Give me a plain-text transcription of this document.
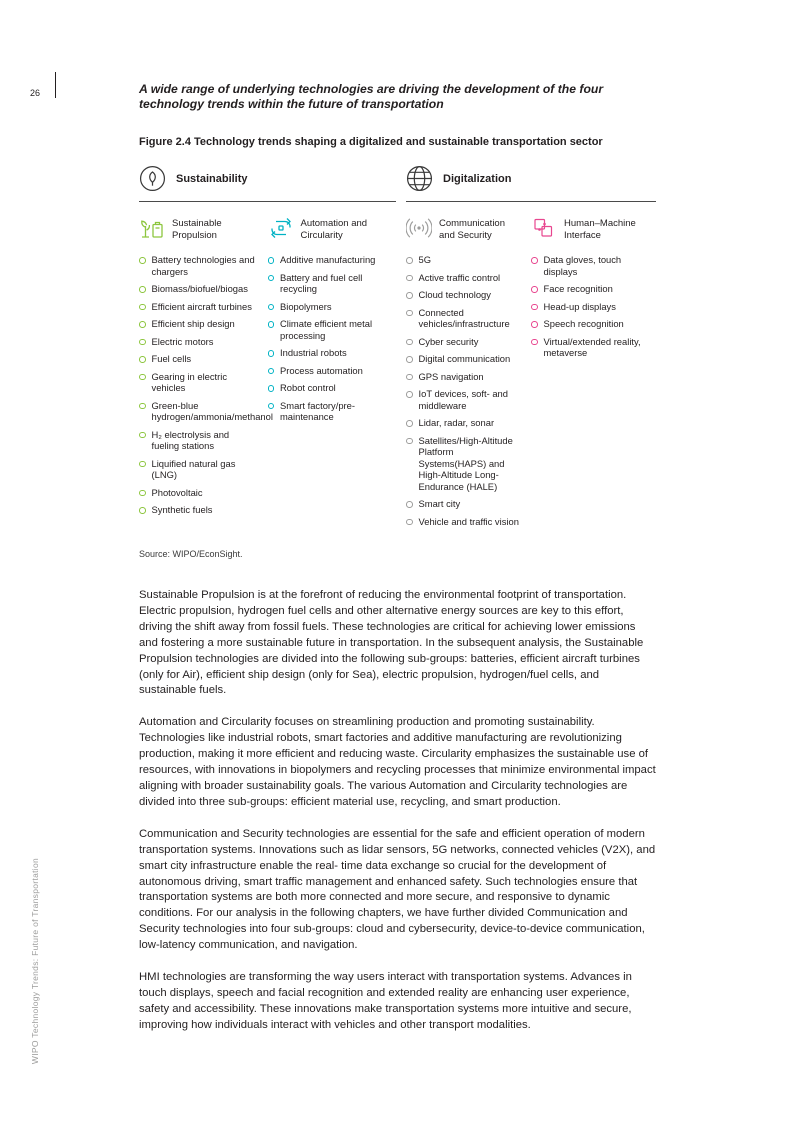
26
WIPO Technology Trends: Future of Transportation
A wide range of underlying technologies are driving the development of the four technology trends within the future of transportation
Figure 2.4 Technology trends shaping a digitalized and sustainable transportation sector
Sustainability
Sustainable Propulsion
Battery technologies and chargers
Biomass/biofuel/biogas
Efficient aircraft turbines
Efficient ship design
Electric motors
Fuel cells
Gearing in electric vehicles
Green-blue hydrogen/ammonia/methanol
H₂ electrolysis and fueling stations
Liquified natural gas (LNG)
Photovoltaic
Synthetic fuels
Automation and Circularity
Additive manufacturing
Battery and fuel cell recycling
Biopolymers
Climate efficient metal processing
Industrial robots
Process automation
Robot control
Smart factory/pre-maintenance
Digitalization
Communication and Security
5G
Active traffic control
Cloud technology
Connected vehicles/infrastructure
Cyber security
Digital communication
GPS navigation
IoT devices, soft- and middleware
Lidar, radar, sonar
Satellites/High-Altitude Platform Systems(HAPS) and High-Altitude Long-Endurance (HALE)
Smart city
Vehicle and traffic vision
Human–Machine Interface
Data gloves, touch displays
Face recognition
Head-up displays
Speech recognition
Virtual/extended reality, metaverse
Source: WIPO/EconSight.

Sustainable Propulsion is at the forefront of reducing the environmental footprint of transportation. Electric propulsion, hydrogen fuel cells and other alternative energy sources are key to this effort, driving the shift away from fossil fuels. These technologies are critical for achieving lower emissions and fostering a more sustainable future in transportation. In the subsequent analysis, the Sustainable Propulsion technologies are divided into the following sub-groups: batteries, efficient aircraft turbines (only for Air), efficient ship design (only for Sea), electric propulsion, hydrogen/fuel cells, and sustainable fuels.

Automation and Circularity focuses on streamlining production and promoting sustainability. Technologies like industrial robots, smart factories and additive manufacturing are revolutionizing production, making it more efficient and reducing waste. Circularity emphasizes the sustainable use of resources, with innovations in biopolymers and recycling processes that minimize environmental impact aligning with broader sustainability goals. The various Automation and Circularity technologies are divided into three sub-groups: efficient material use, recycling, and smart production.

Communication and Security technologies are essential for the safe and efficient operation of modern transportation systems. Innovations such as lidar sensors, 5G networks, connected vehicles (V2X), and smart city infrastructure enable the real- time data exchange so crucial for the development of autonomous driving, smart traffic management and enhanced safety. Such technologies ensure that transportation systems are both more connected and more secure, and responsive to dynamic conditions. For our analysis in the following chapters, we have further divided Communication and Security technologies into four sub-groups: cloud and cybersecurity, device-to-device communication, low-latency communication, and navigation.

HMI technologies are transforming the way users interact with transportation systems. Advances in touch displays, speech and facial recognition and extended reality are enhancing user experience, safety and accessibility. These innovations make transportation systems more intuitive and secure, improving how individuals interact with vehicles and other transport modalities.
